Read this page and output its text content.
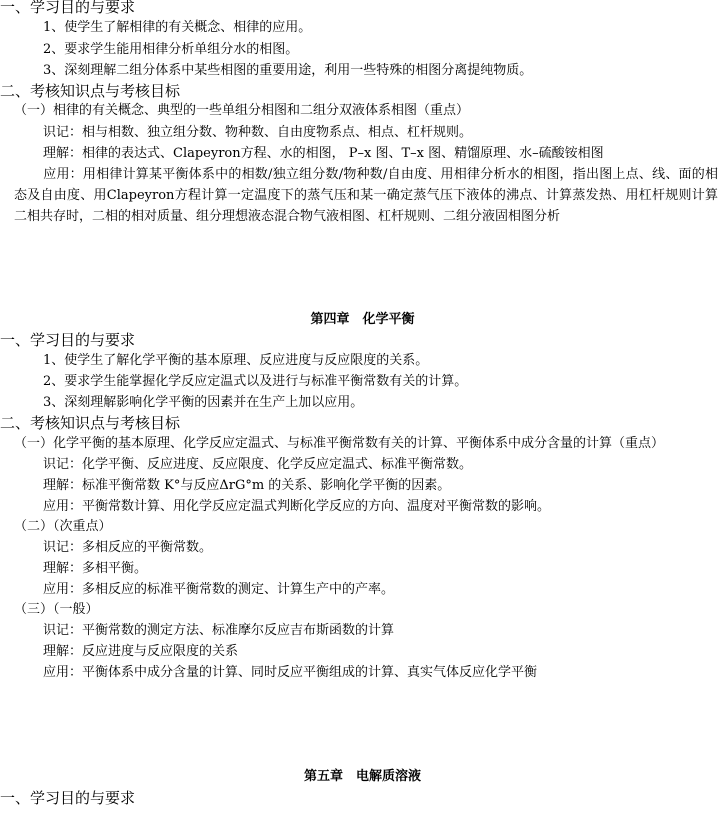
一、学习目的与要求
1、使学生了解相律的有关概念、相律的应用。
2、要求学生能用相律分析单组分水的相图。
3、深刻理解二组分体系中某些相图的重要用途，利用一些特殊的相图分离提纯物质。
二、考核知识点与考核目标
（一）相律的有关概念、典型的一些单组分相图和二组分双液体系相图（重点）
识记：相与相数、独立组分数、物种数、自由度物系点、相点、杠杆规则。
理解：相律的表达式、Clapeyron方程、水的相图， P–x 图、T–x 图、精馏原理、水–硫酸铵相图
应用：用相律计算某平衡体系中的相数/独立组分数/物种数/自由度、用相律分析水的相图，指出图上点、线、面的相态及自由度、用Clapeyron方程计算一定温度下的蒸气压和某一确定蒸气压下液体的沸点、计算蒸发热、用杠杆规则计算二相共存时，二相的相对质量、组分理想液态混合物气液相图、杠杆规则、二组分液固相图分析
第四章　化学平衡
一、学习目的与要求
1、使学生了解化学平衡的基本原理、反应进度与反应限度的关系。
2、要求学生能掌握化学反应定温式以及进行与标准平衡常数有关的计算。
3、深刻理解影响化学平衡的因素并在生产上加以应用。
二、考核知识点与考核目标
（一）化学平衡的基本原理、化学反应定温式、与标准平衡常数有关的计算、平衡体系中成分含量的计算（重点）
识记：化学平衡、反应进度、反应限度、化学反应定温式、标准平衡常数。
理解：标准平衡常数 K°与反应ΔrG°m 的关系、影响化学平衡的因素。
应用：平衡常数计算、用化学反应定温式判断化学反应的方向、温度对平衡常数的影响。
（二）（次重点）
识记：多相反应的平衡常数。
理解：多相平衡。
应用：多相反应的标准平衡常数的测定、计算生产中的产率。
（三）（一般）
识记：平衡常数的测定方法、标准摩尔反应吉布斯函数的计算
理解：反应进度与反应限度的关系
应用：平衡体系中成分含量的计算、同时反应平衡组成的计算、真实气体反应化学平衡
第五章　电解质溶液
一、学习目的与要求
